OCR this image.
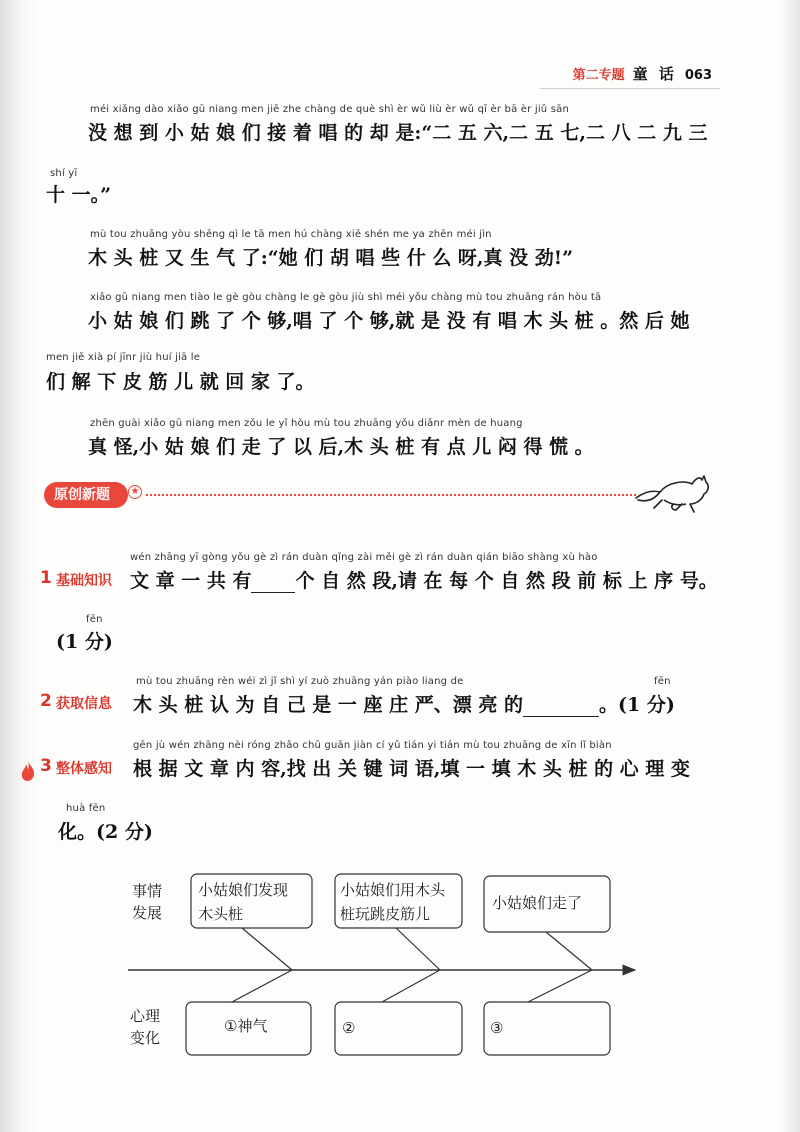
第二专题 童 话 063
méi xiǎng dào xiǎo gū niang men jiē zhe chàng de què shì èr wǔ liù èr wǔ qī èr bā èr jiǔ sān
没 想 到 小 姑 娘 们 接 着 唱 的 却 是:“二 五 六,二 五 七,二 八 二 九 三
shí yī
十 一。”
mù tou zhuāng yòu shēng qì le tā men hú chàng xiē shén me ya zhēn méi jìn
木 头 桩 又 生 气 了:“她 们 胡 唱 些 什 么 呀,真 没 劲!”
xiǎo gū niang men tiào le gè gòu chàng le gè gòu jiù shì méi yǒu chàng mù tou zhuāng rán hòu tā
小 姑 娘 们 跳 了 个 够,唱 了 个 够,就 是 没 有 唱 木 头 桩 。然 后 她
men jiě xià pí jīnr jiù huí jiā le
们 解 下 皮 筋 儿 就 回 家 了。
zhēn guài xiǎo gū niang men zǒu le yǐ hòu mù tou zhuāng yǒu diǎnr mèn de huang
真 怪,小 姑 娘 们 走 了 以 后,木 头 桩 有 点 儿 闷 得 慌 。
原创新题	★
wén zhāng yī gòng yǒu gè zì rán duàn qǐng zài měi gè zì rán duàn qián biāo shàng xù hào
1 基础知识 文 章 一 共 有 个 自 然 段,请 在 每 个 自 然 段 前 标 上 序 号。
fēn
(1 分)
mù tou zhuāng rèn wéi zì jǐ shì yí zuò zhuāng yán piào liang de	fēn
2 获取信息 木 头 桩 认 为 自 己 是 一 座 庄 严、漂 亮 的	。(1 分)
gēn jù wén zhāng nèi róng zhǎo chū guān jiàn cí yǔ tián yi tián mù tou zhuāng de xīn lǐ biàn
3 整体感知 根 据 文 章 内 容,找 出 关 键 词 语,填 一 填 木 头 桩 的 心 理 变
huà fēn
化。(2 分)
事情
发展
心理
变化
小姑娘们发现
木头桩
小姑娘们用木头
桩玩跳皮筋儿
小姑娘们走了
①神气	②	③
